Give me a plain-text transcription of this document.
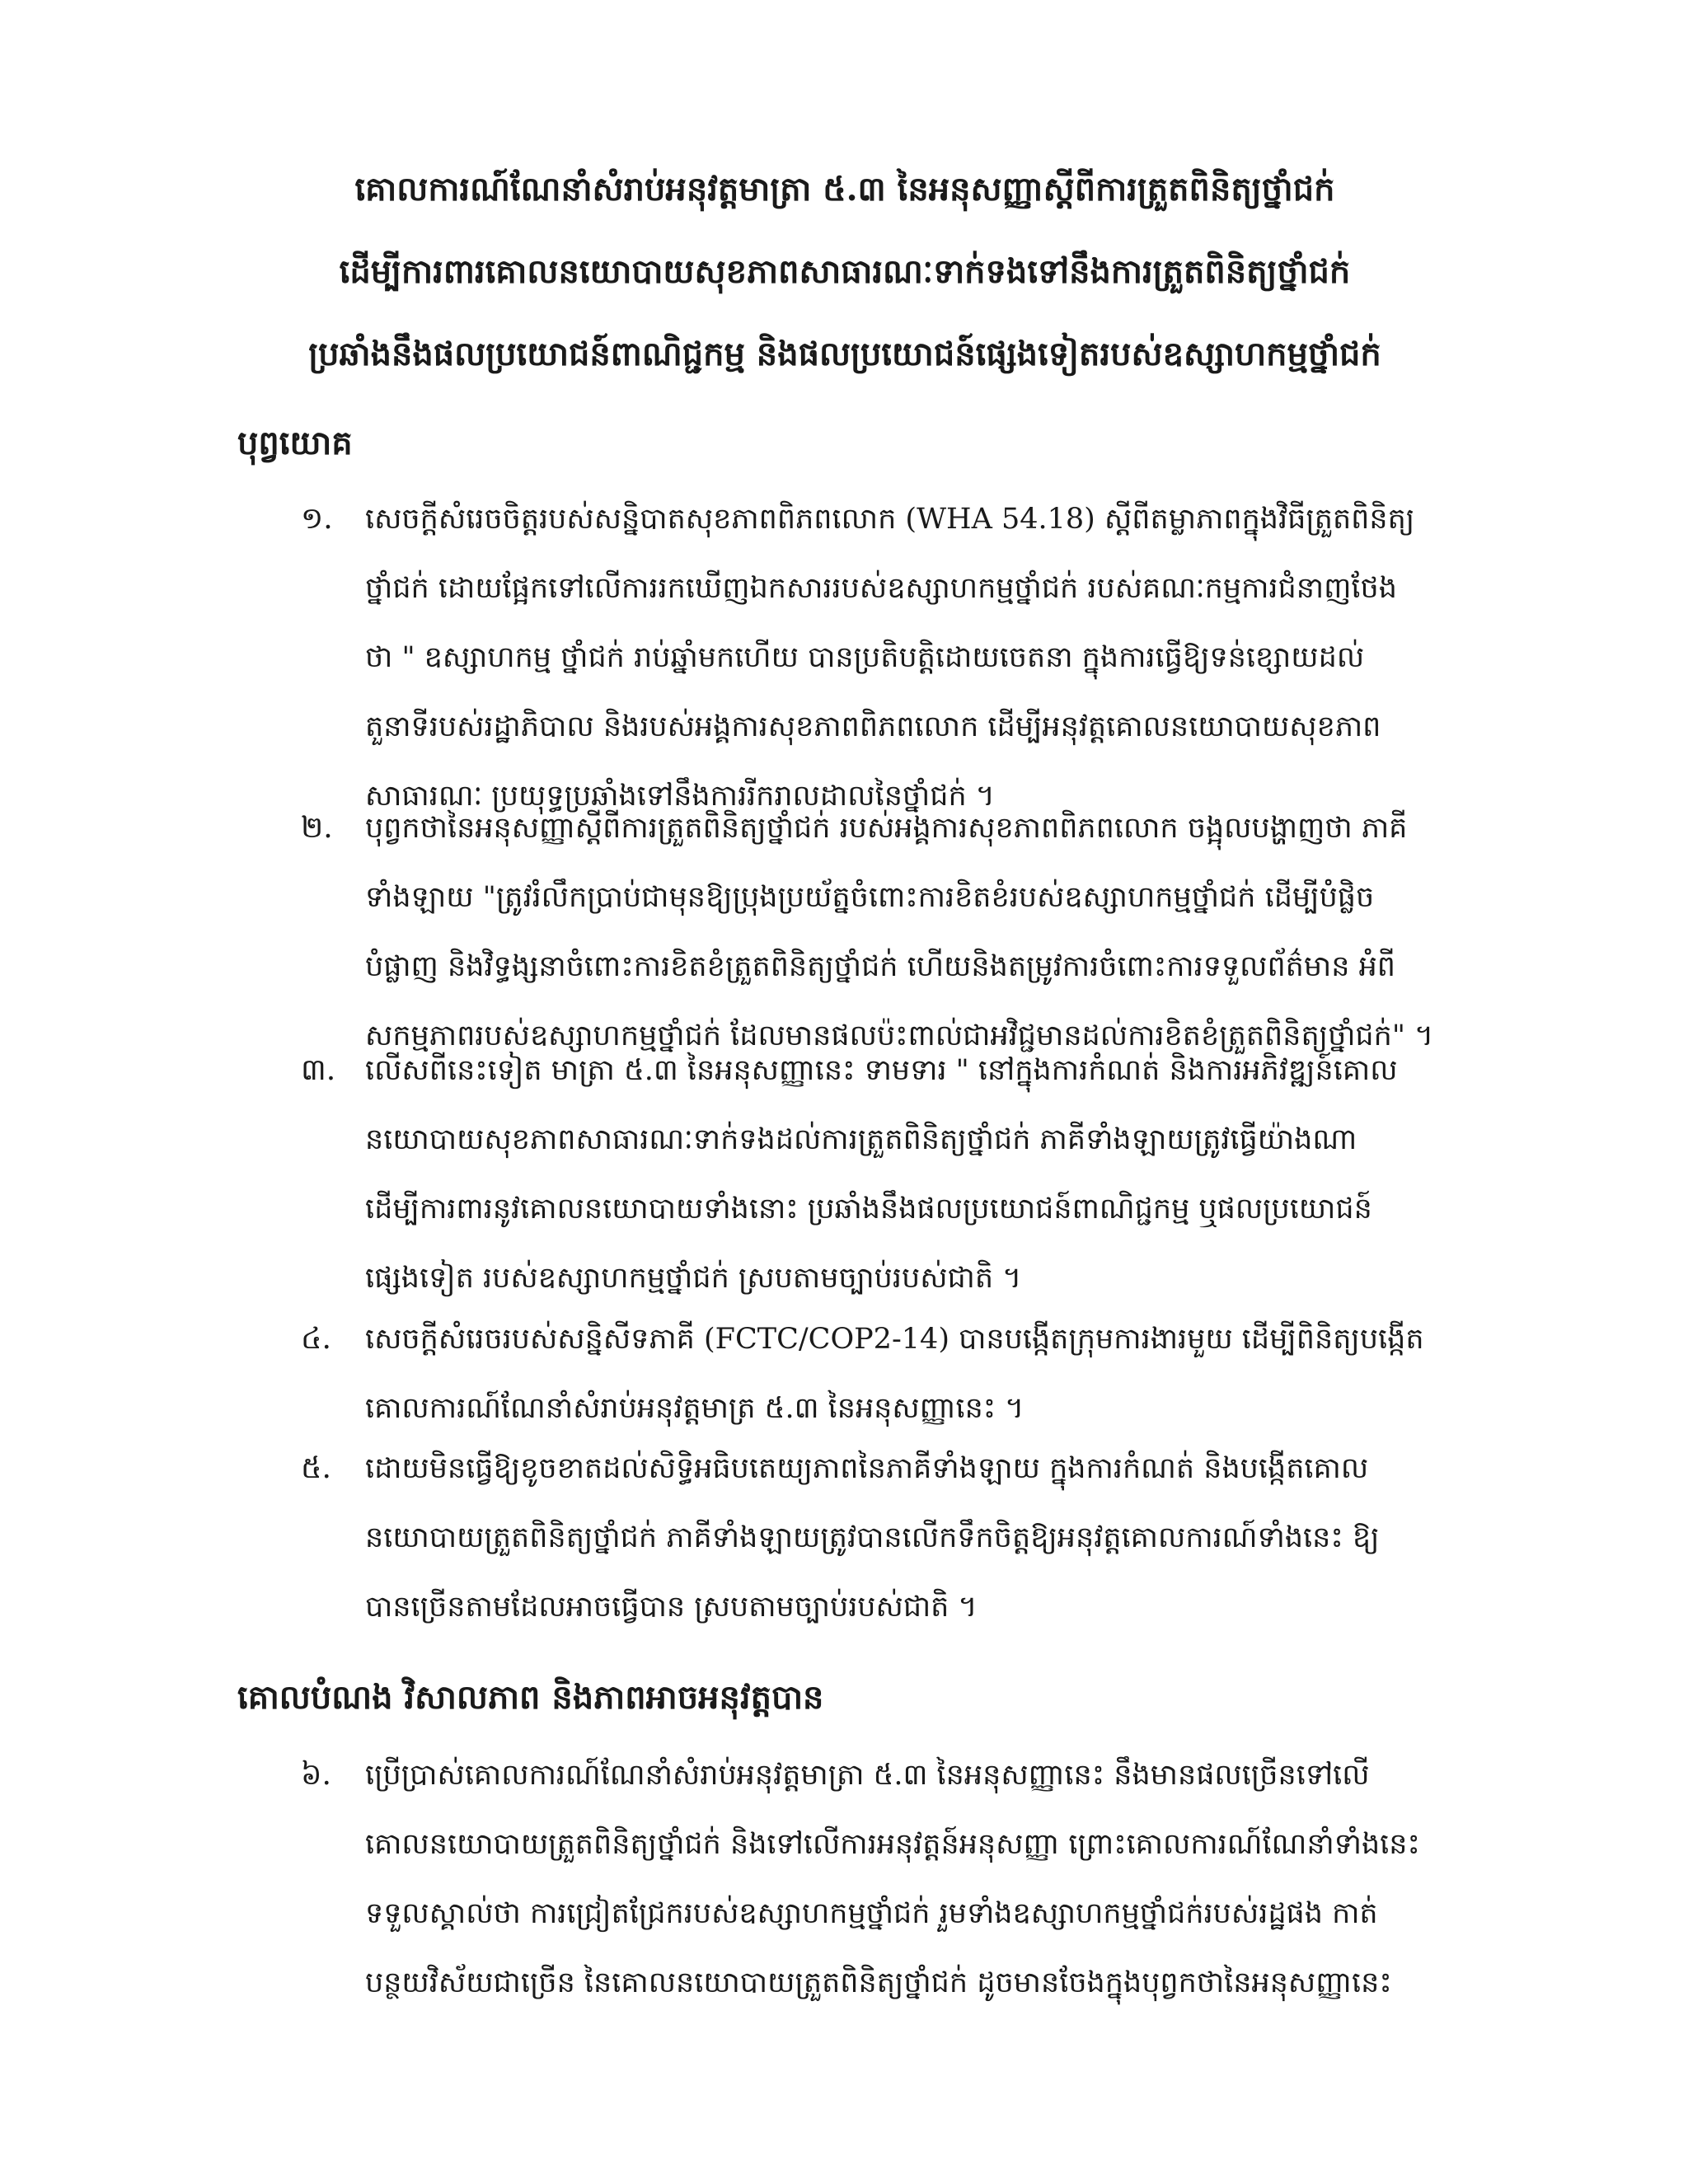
គោលការណ៍ណែនាំសំរាប់អនុវត្តមាត្រា ៥.៣ នៃអនុសញ្ញាស្ដីពីការត្រួតពិនិត្យថ្នាំជក់
ដើម្បីការពារគោលនយោបាយសុខភាពសាធារណៈទាក់ទងទៅនឹងការត្រួតពិនិត្យថ្នាំជក់
ប្រឆាំងនឹងផលប្រយោជន៍ពាណិជ្ជកម្ម និងផលប្រយោជន៍ផ្សេងទៀតរបស់ឧស្សាហកម្មថ្នាំជក់
បុព្វយោគ
១.	សេចក្ដីសំរេចចិត្តរបស់សន្និបាតសុខភាពពិភពលោក (WHA 54.18) ស្ដីពីតម្លាភាពក្នុងវិធីត្រួតពិនិត្យ
ថ្នាំជក់ ដោយផ្អែកទៅលើការរកឃើញឯកសាររបស់ឧស្សាហកម្មថ្នាំជក់ របស់គណៈកម្មការជំនាញថែង
ថា " ឧស្សាហកម្ម ថ្នាំជក់ រាប់ឆ្នាំមកហើយ បានប្រតិបត្តិដោយចេតនា ក្នុងការធ្វើឱ្យទន់ខ្សោយដល់
តួនាទីរបស់រដ្ឋាភិបាល និងរបស់អង្គការសុខភាពពិភពលោក ដើម្បីអនុវត្តគោលនយោបាយសុខភាព
សាធារណៈ ប្រយុទ្ធប្រឆាំងទៅនឹងការរីករាលដាលនៃថ្នាំជក់ ។
២.	បុព្វកថានៃអនុសញ្ញាស្ដីពីការត្រួតពិនិត្យថ្នាំជក់ របស់អង្គការសុខភាពពិភពលោក ចង្អុលបង្ហាញថា ភាគី
ទាំងឡាយ "ត្រូវរំលឹកប្រាប់ជាមុនឱ្យប្រុងប្រយ័ត្នចំពោះការខិតខំរបស់ឧស្សាហកម្មថ្នាំជក់ ដើម្បីបំផ្លិច
បំផ្លាញ និងវិទ្ធង្សនាចំពោះការខិតខំត្រួតពិនិត្យថ្នាំជក់ ហើយនិងតម្រូវការចំពោះការទទួលព័ត៌មាន អំពី
សកម្មភាពរបស់ឧស្សាហកម្មថ្នាំជក់ ដែលមានផលប៉ះពាល់ជាអវិជ្ជមានដល់ការខិតខំត្រួតពិនិត្យថ្នាំជក់" ។
៣.	លើសពីនេះទៀត មាត្រា ៥.៣ នៃអនុសញ្ញានេះ ទាមទារ " នៅក្នុងការកំណត់ និងការអភិវឌ្ឍន៍គោល
នយោបាយសុខភាពសាធារណៈទាក់ទងដល់ការត្រួតពិនិត្យថ្នាំជក់ ភាគីទាំងឡាយត្រូវធ្វើយ៉ាងណា
ដើម្បីការពារនូវគោលនយោបាយទាំងនោះ ប្រឆាំងនឹងផលប្រយោជន៍ពាណិជ្ជកម្ម ឬផលប្រយោជន៍
ផ្សេងទៀត របស់ឧស្សាហកម្មថ្នាំជក់ ស្របតាមច្បាប់របស់ជាតិ ។
៤.	សេចក្ដីសំរេចរបស់សន្និសីទភាគី (FCTC/COP2-14) បានបង្កើតក្រុមការងារមួយ ដើម្បីពិនិត្យបង្កើត
គោលការណ៍ណែនាំសំរាប់អនុវត្តមាត្រ ៥.៣ នៃអនុសញ្ញានេះ ។
៥.	ដោយមិនធ្វើឱ្យខូចខាតដល់សិទ្ធិអធិបតេយ្យភាពនៃភាគីទាំងឡាយ ក្នុងការកំណត់ និងបង្កើតគោល
នយោបាយត្រួតពិនិត្យថ្នាំជក់ ភាគីទាំងឡាយត្រូវបានលើកទឹកចិត្តឱ្យអនុវត្តគោលការណ៍ទាំងនេះ ឱ្យ
បានច្រើនតាមដែលអាចធ្វើបាន ស្របតាមច្បាប់របស់ជាតិ ។
គោលបំណង វិសាលភាព និងភាពអាចអនុវត្តបាន
៦.	ប្រើប្រាស់គោលការណ៍ណែនាំសំរាប់អនុវត្តមាត្រា ៥.៣ នៃអនុសញ្ញានេះ នឹងមានផលច្រើនទៅលើ
គោលនយោបាយត្រួតពិនិត្យថ្នាំជក់ និងទៅលើការអនុវត្តន៍អនុសញ្ញា ព្រោះគោលការណ៍ណែនាំទាំងនេះ
ទទួលស្គាល់ថា ការជ្រៀតជ្រែករបស់ឧស្សាហកម្មថ្នាំជក់ រួមទាំងឧស្សាហកម្មថ្នាំជក់របស់រដ្ឋផង កាត់
បន្ថយវិស័យជាច្រើន នៃគោលនយោបាយត្រួតពិនិត្យថ្នាំជក់ ដូចមានចែងក្នុងបុព្វកថានៃអនុសញ្ញានេះ
